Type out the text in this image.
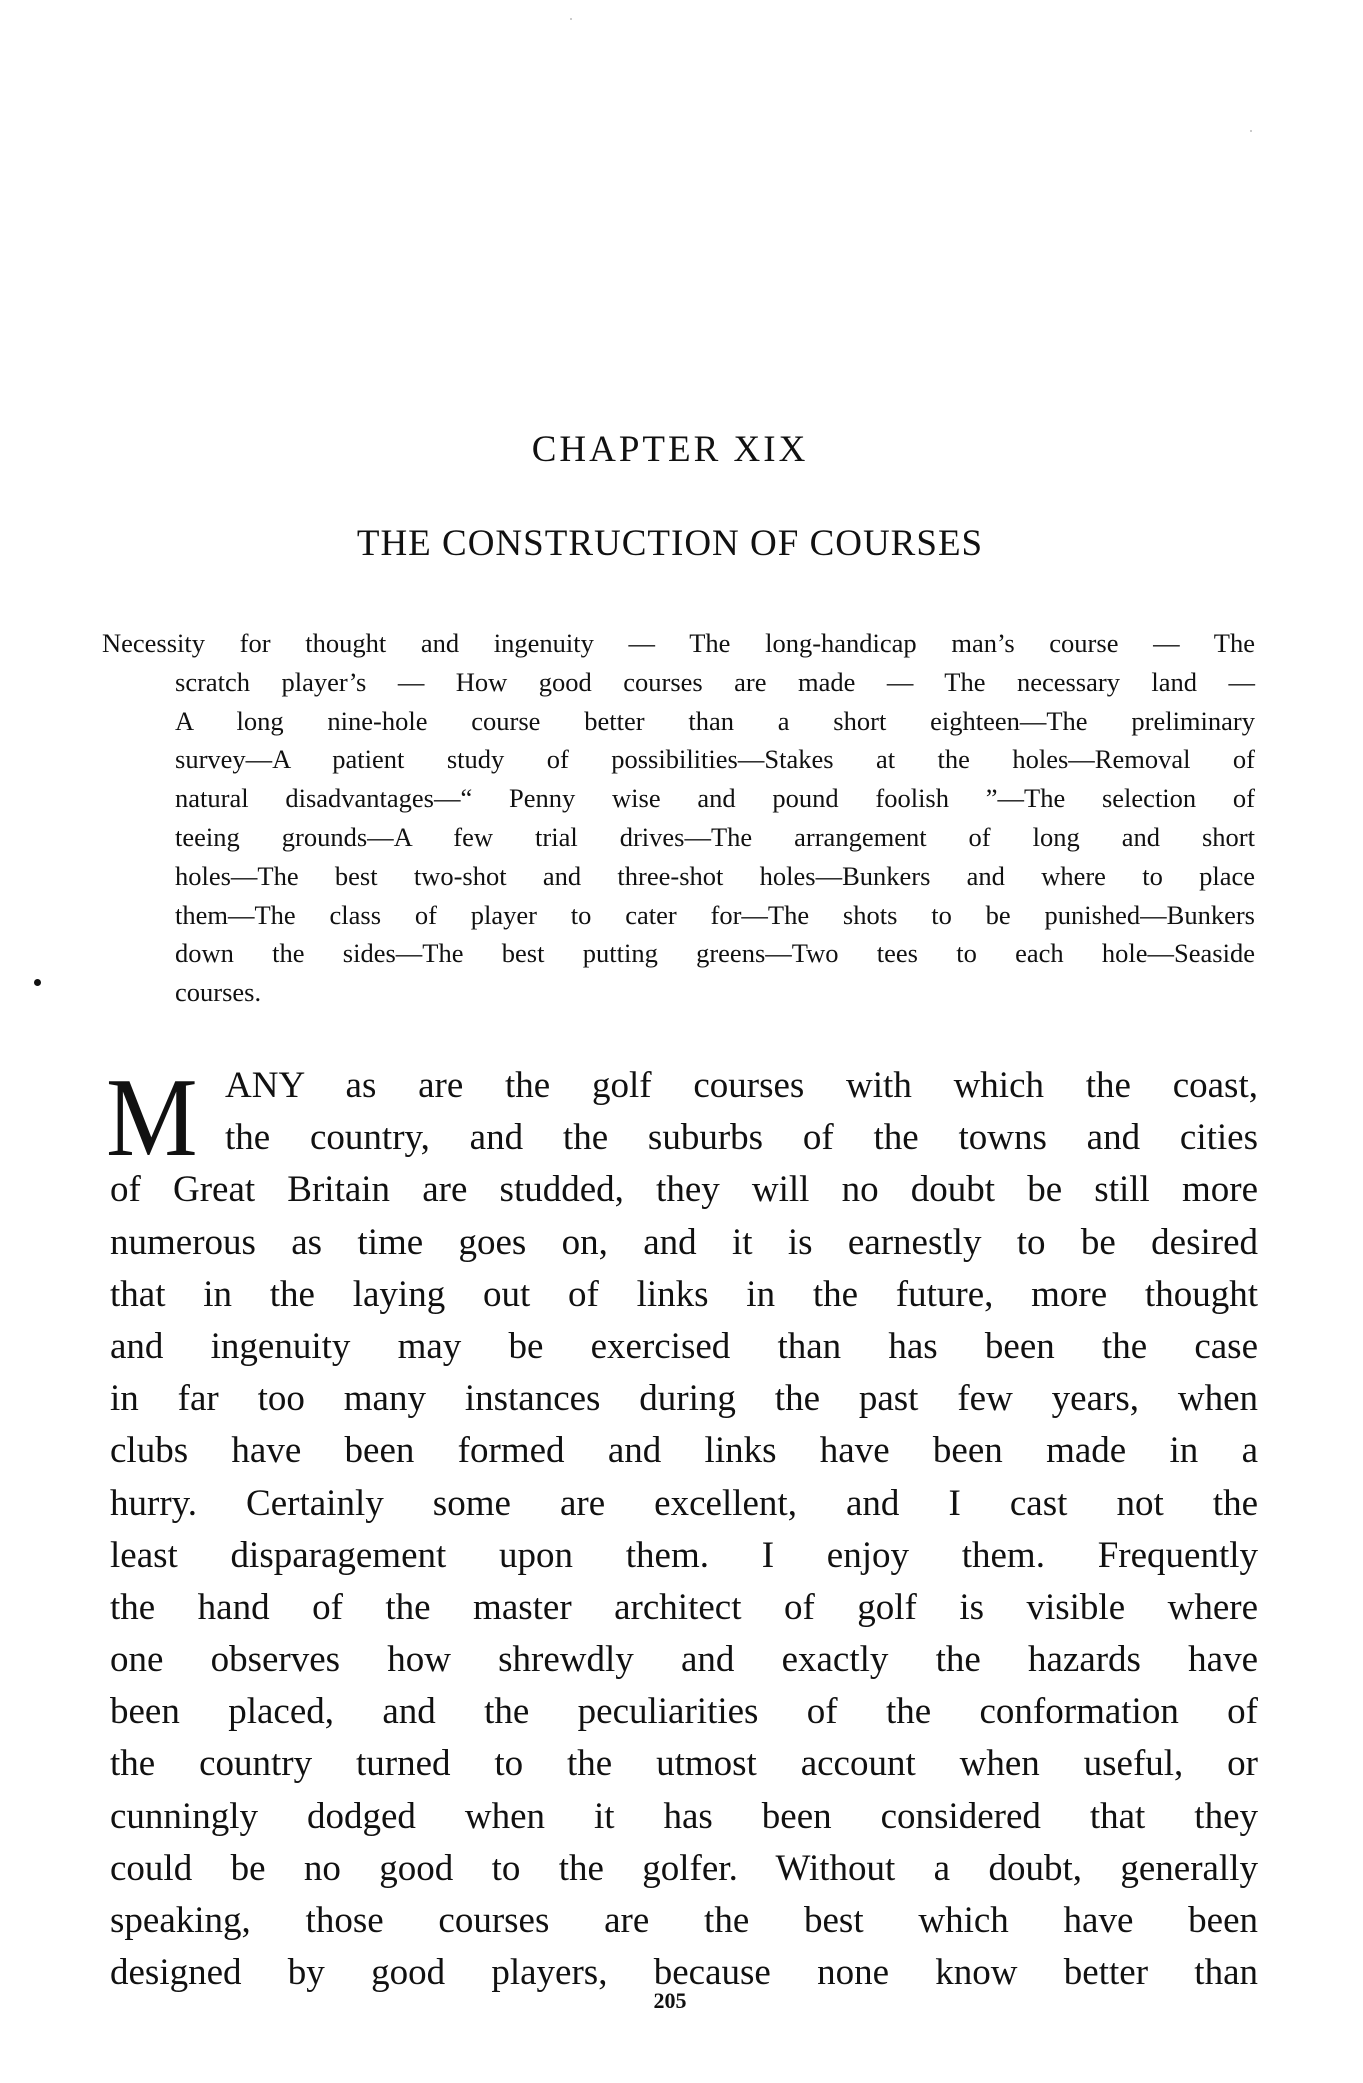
CHAPTER XIX
THE CONSTRUCTION OF COURSES
Necessity for thought and ingenuity — The long-handicap man’s course — The
scratch player’s — How good courses are made — The necessary land —
A long nine-hole course better than a short eighteen—The preliminary
survey—A patient study of possibilities—Stakes at the holes—Removal of
natural disadvantages—“ Penny wise and pound foolish ”—The selection of
teeing grounds—A few trial drives—The arrangement of long and short
holes—The best two-shot and three-shot holes—Bunkers and where to place
them—The class of player to cater for—The shots to be punished—Bunkers
down the sides—The best putting greens—Two tees to each hole—Seaside
courses.
M ANY as are the golf courses with which the coast,
the country, and the suburbs of the towns and cities
of Great Britain are studded, they will no doubt be still more
numerous as time goes on, and it is earnestly to be desired
that in the laying out of links in the future, more thought
and ingenuity may be exercised than has been the case
in far too many instances during the past few years, when
clubs have been formed and links have been made in a
hurry. Certainly some are excellent, and I cast not the
least disparagement upon them. I enjoy them. Frequently
the hand of the master architect of golf is visible where
one observes how shrewdly and exactly the hazards have
been placed, and the peculiarities of the conformation of
the country turned to the utmost account when useful, or
cunningly dodged when it has been considered that they
could be no good to the golfer. Without a doubt, generally
speaking, those courses are the best which have been
designed by good players, because none know better than
205
